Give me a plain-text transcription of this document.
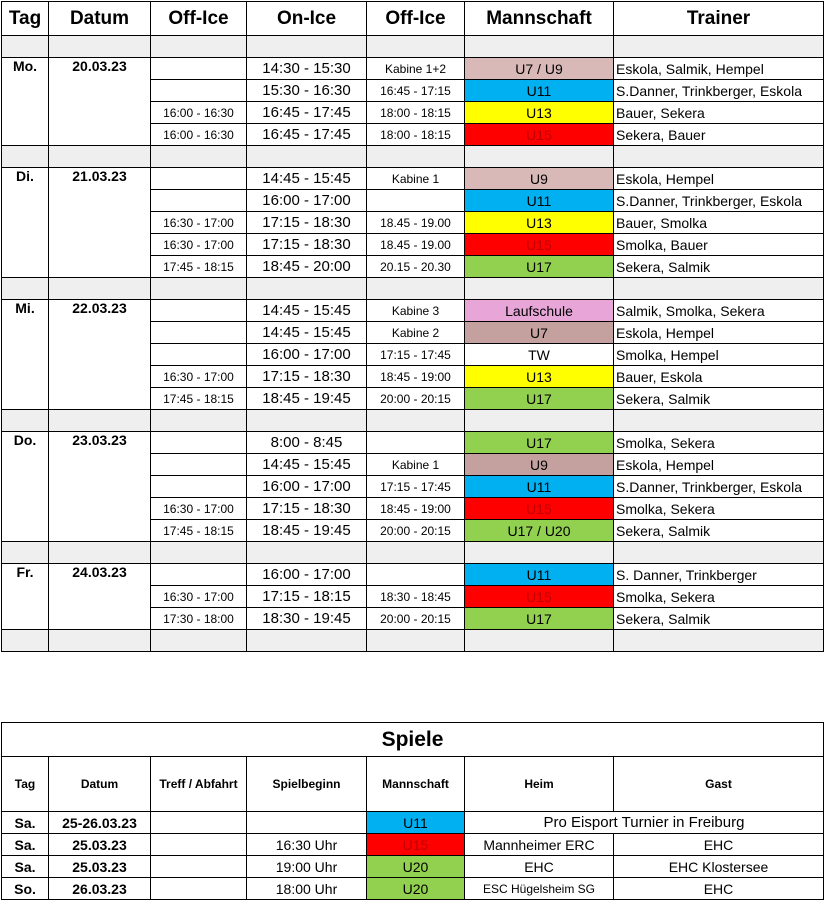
Tag	Datum	Off-Ice	On-Ice	Off-Ice	Mannschaft	Trainer

Mo.	20.03.23		14:30 - 15:30	Kabine 1+2	U7 / U9	Eskola, Salmik, Hempel
			15:30 - 16:30	16:45 - 17:15	U11	S.Danner, Trinkberger, Eskola
		16:00 - 16:30	16:45 - 17:45	18:00 - 18:15	U13	Bauer, Sekera
		16:00 - 16:30	16:45 - 17:45	18:00 - 18:15	U15	Sekera, Bauer

Di.	21.03.23		14:45 - 15:45	Kabine 1	U9	Eskola, Hempel
			16:00 - 17:00		U11	S.Danner, Trinkberger, Eskola
		16:30 - 17:00	17:15 - 18:30	18.45 - 19.00	U13	Bauer, Smolka
		16:30 - 17:00	17:15 - 18:30	18.45 - 19.00	U15	Smolka, Bauer
		17:45 - 18:15	18:45 - 20:00	20.15 - 20.30	U17	Sekera, Salmik

Mi.	22.03.23		14:45 - 15:45	Kabine 3	Laufschule	Salmik, Smolka, Sekera
			14:45 - 15:45	Kabine 2	U7	Eskola, Hempel
			16:00 - 17:00	17:15 - 17:45	TW	Smolka, Hempel
		16:30 - 17:00	17:15 - 18:30	18:45 - 19:00	U13	Bauer, Eskola
		17:45 - 18:15	18:45 - 19:45	20:00 - 20:15	U17	Sekera, Salmik

Do.	23.03.23		8:00 - 8:45		U17	Smolka, Sekera
			14:45 - 15:45	Kabine 1	U9	Eskola, Hempel
			16:00 - 17:00	17:15 - 17:45	U11	S.Danner, Trinkberger, Eskola
		16:30 - 17:00	17:15 - 18:30	18:45 - 19:00	U15	Smolka, Sekera
		17:45 - 18:15	18:45 - 19:45	20:00 - 20:15	U17 / U20	Sekera, Salmik

Fr.	24.03.23		16:00 - 17:00		U11	S. Danner, Trinkberger
		16:30 - 17:00	17:15 - 18:15	18:30 - 18:45	U15	Smolka, Sekera
		17:30 - 18:00	18:30 - 19:45	20:00 - 20:15	U17	Sekera, Salmik

Spiele						
Tag	Datum	Treff / Abfahrt	Spielbeginn	Mannschaft	Heim	Gast
Sa.	25-26.03.23			U11	Pro Eisport Turnier in Freiburg	
Sa.	25.03.23		16:30 Uhr	U15	Mannheimer ERC	EHC
Sa.	25.03.23		19:00 Uhr	U20	EHC	EHC Klostersee
So.	26.03.23		18:00 Uhr	U20	ESC Hügelsheim SG	EHC
